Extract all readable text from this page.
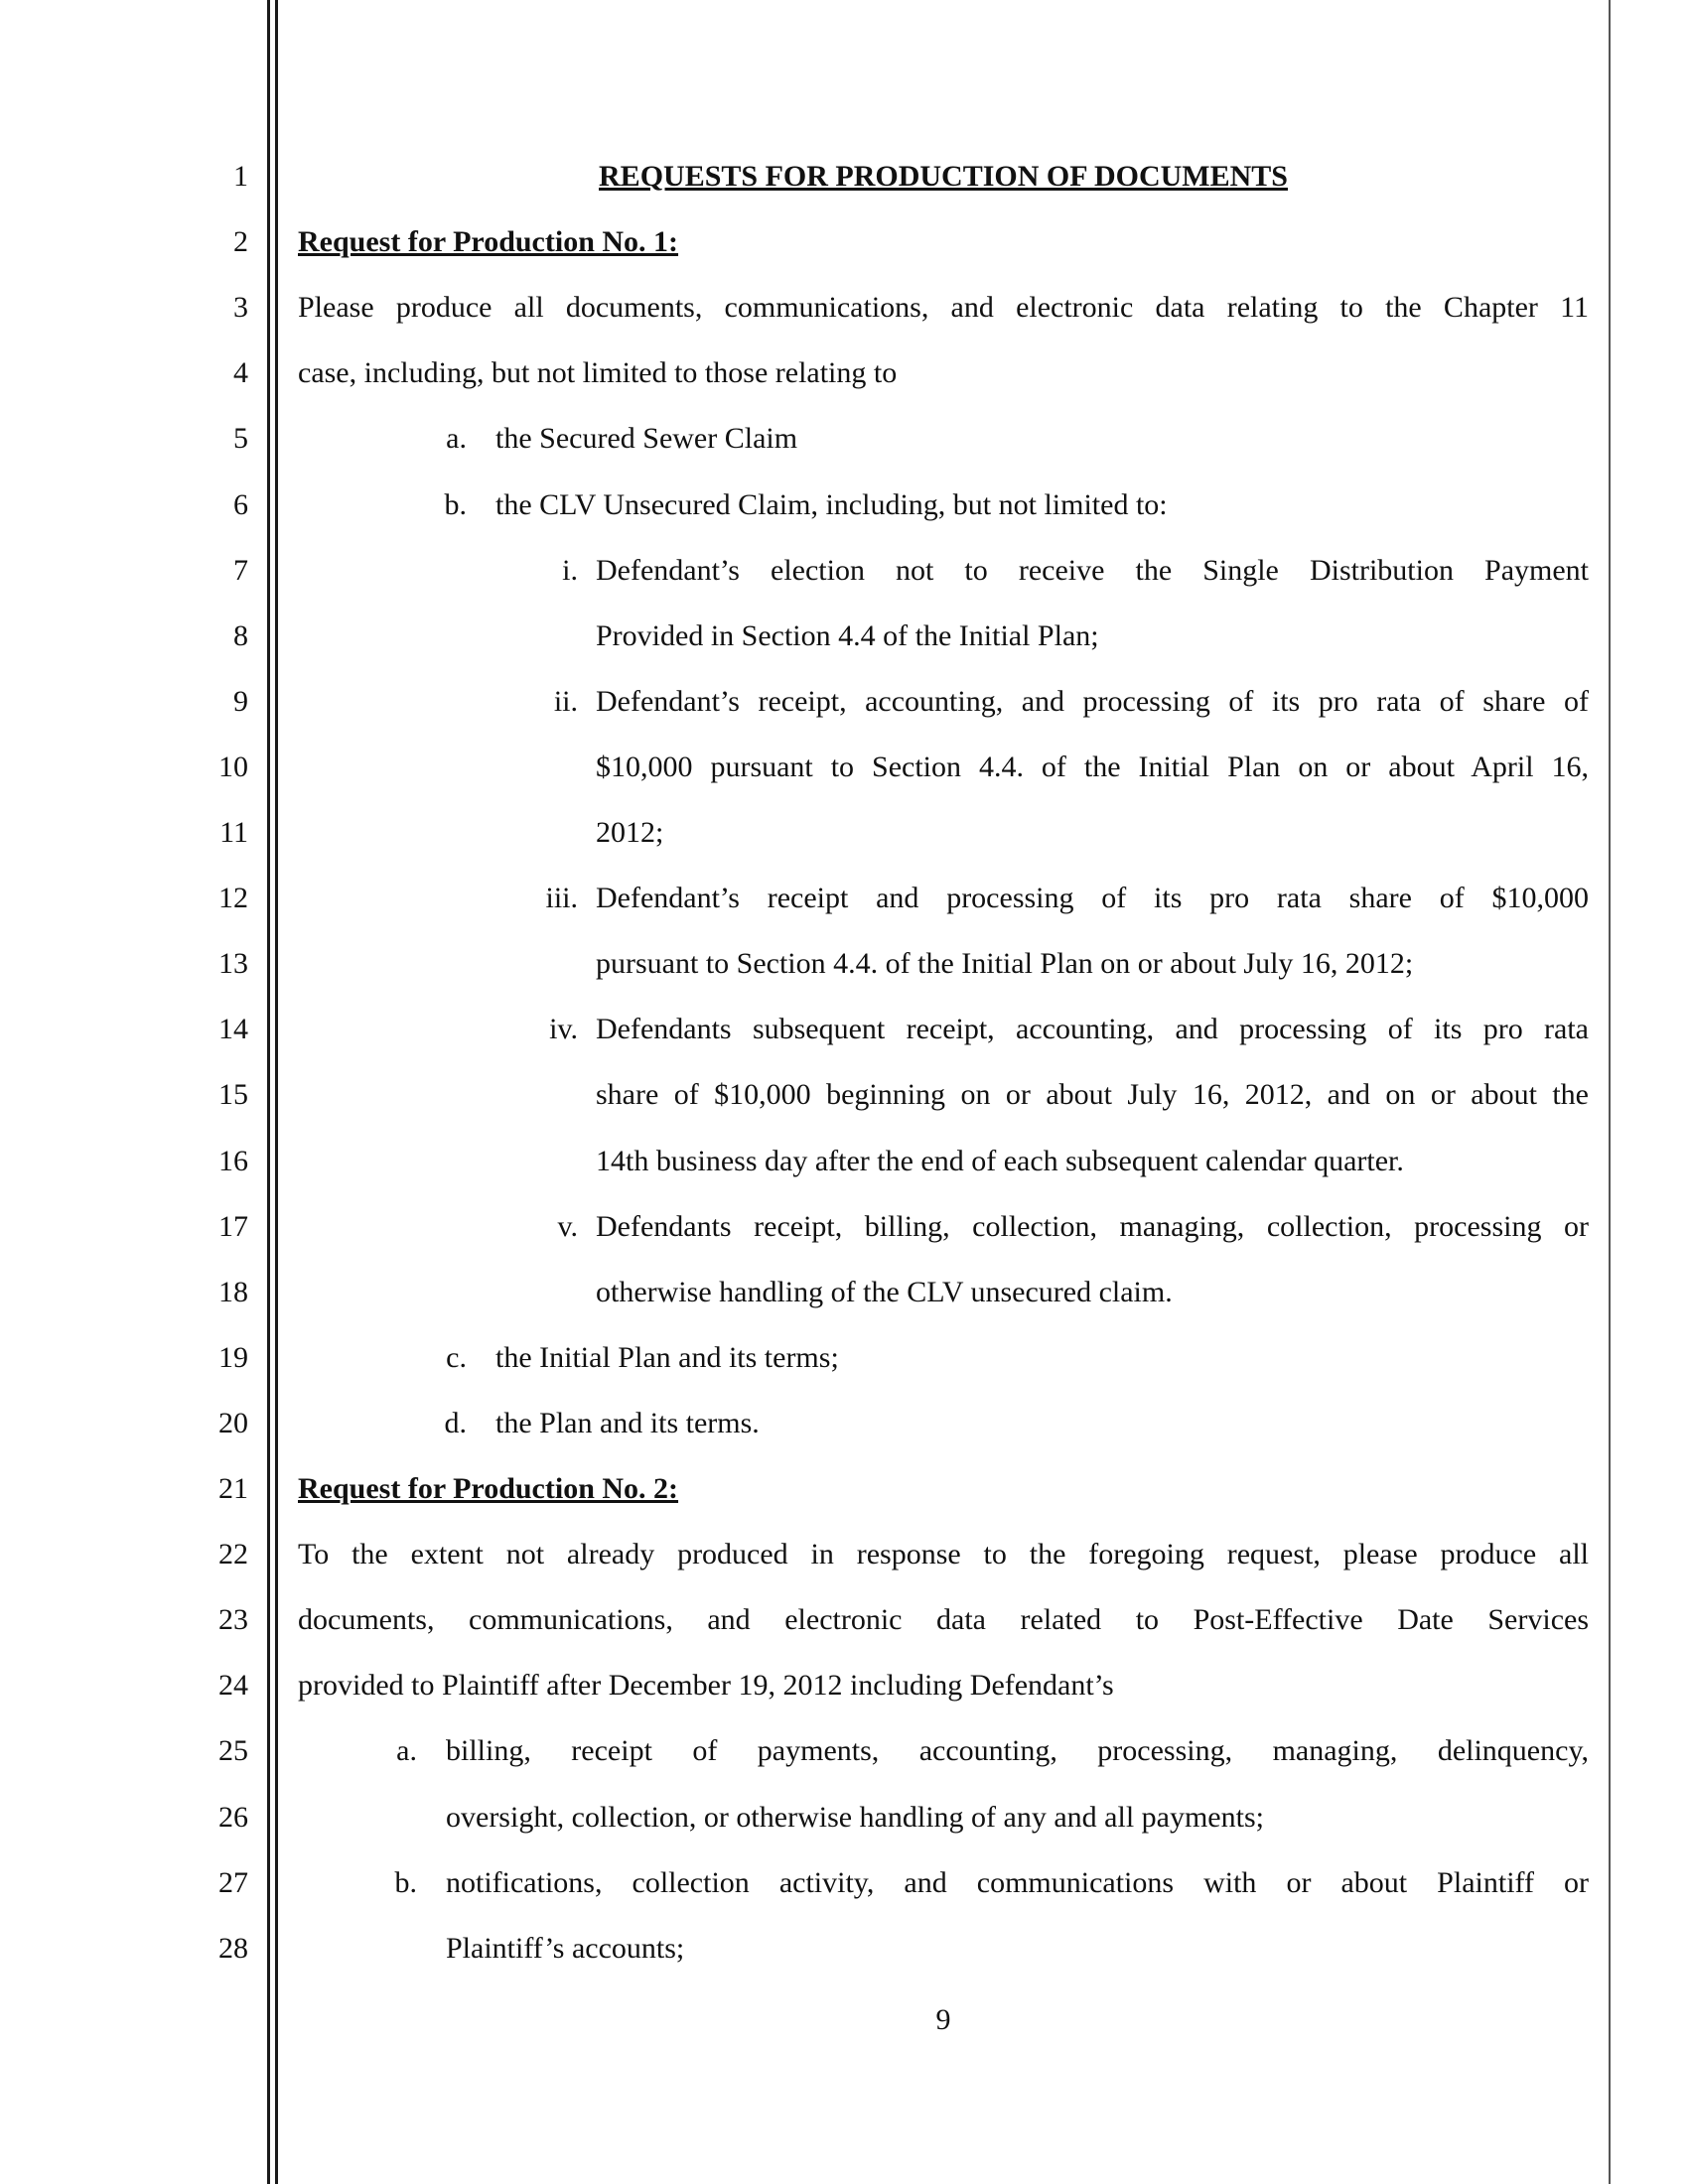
1
2
3
4
5
6
7
8
9
10
11
12
13
14
15
16
17
18
19
20
21
22
23
24
25
26
27
28
REQUESTS FOR PRODUCTION OF DOCUMENTS
Request for Production No. 1:
Please produce all documents, communications, and electronic data relating to the Chapter 11
case, including, but not limited to those relating to
a. the Secured Sewer Claim
b. the CLV Unsecured Claim, including, but not limited to:
i. Defendant’s election not to receive the Single Distribution Payment
Provided in Section 4.4 of the Initial Plan;
ii. Defendant’s receipt, accounting, and processing of its pro rata of share of
$10,000 pursuant to Section 4.4. of the Initial Plan on or about April 16,
2012;
iii. Defendant’s receipt and processing of its pro rata share of $10,000
pursuant to Section 4.4. of the Initial Plan on or about July 16, 2012;
iv. Defendants subsequent receipt, accounting, and processing of its pro rata
share of $10,000 beginning on or about July 16, 2012, and on or about the
14th business day after the end of each subsequent calendar quarter.
v. Defendants receipt, billing, collection, managing, collection, processing or
otherwise handling of the CLV unsecured claim.
c. the Initial Plan and its terms;
d. the Plan and its terms.
Request for Production No. 2:
To the extent not already produced in response to the foregoing request, please produce all
documents, communications, and electronic data related to Post-Effective Date Services
provided to Plaintiff after December 19, 2012 including Defendant’s
a. billing, receipt of payments, accounting, processing, managing, delinquency,
oversight, collection, or otherwise handling of any and all payments;
b. notifications, collection activity, and communications with or about Plaintiff or
Plaintiff’s accounts;
9
